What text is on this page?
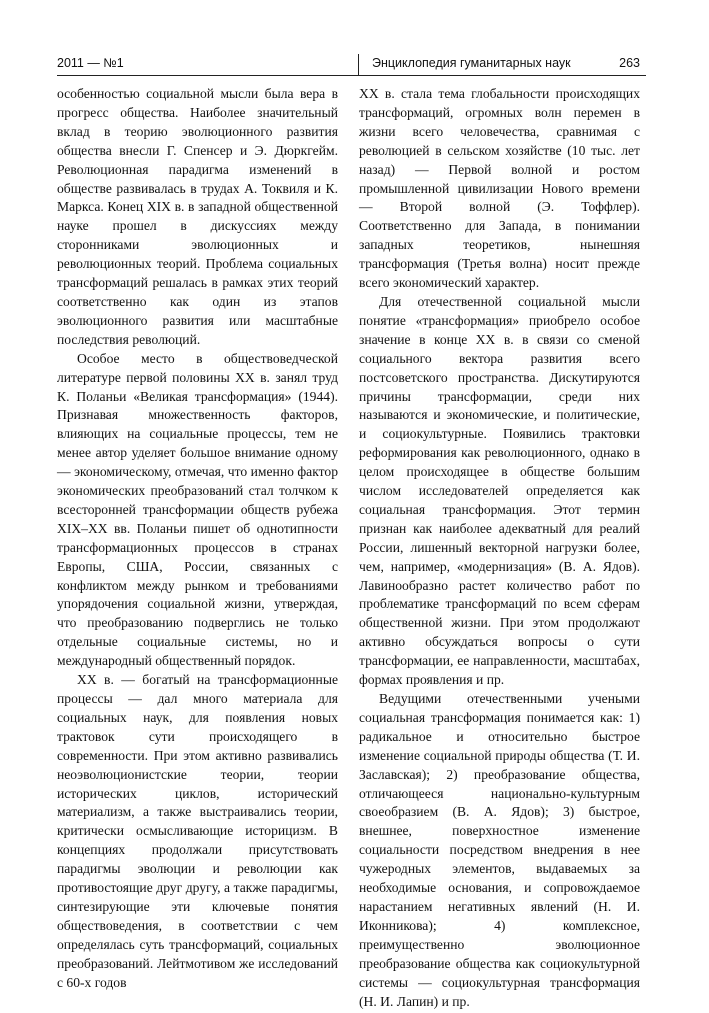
2011 — №1	Энциклопедия гуманитарных наук	263

особенностью социальной мысли была вера в прогресс общества. Наиболее значительный вклад в теорию эволюционного развития общества внесли Г. Спенсер и Э. Дюркгейм. Революционная парадигма изменений в обществе развивалась в трудах А. Токвиля и К. Маркса. Конец XIX в. в западной общественной науке прошел в дискуссиях между сторонниками эволюционных и революционных теорий. Проблема социальных трансформаций решалась в рамках этих теорий соответственно как один из этапов эволюционного развития или масштабные последствия революций.

Особое место в обществоведческой литературе первой половины XX в. занял труд К. Поланьи «Великая трансформация» (1944). Признавая множественность факторов, влияющих на социальные процессы, тем не менее автор уделяет большое внимание одному — экономическому, отмечая, что именно фактор экономических преобразований стал толчком к всесторонней трансформации обществ рубежа XIX–XX вв. Поланьи пишет об однотипности трансформационных процессов в странах Европы, США, России, связанных с конфликтом между рынком и требованиями упорядочения социальной жизни, утверждая, что преобразованию подверглись не только отдельные социальные системы, но и международный общественный порядок.

XX в. — богатый на трансформационные процессы — дал много материала для социальных наук, для появления новых трактовок сути происходящего в современности. При этом активно развивались неоэволюционистские теории, теории исторических циклов, исторический материализм, а также выстраивались теории, критически осмысливающие историцизм. В концепциях продолжали присутствовать парадигмы эволюции и революции как противостоящие друг другу, а также парадигмы, синтезирующие эти ключевые понятия обществоведения, в соответствии с чем определялась суть трансформаций, социальных преобразований. Лейтмотивом же исследований с 60-х годов

XX в. стала тема глобальности происходящих трансформаций, огромных волн перемен в жизни всего человечества, сравнимая с революцией в сельском хозяйстве (10 тыс. лет назад) — Первой волной и ростом промышленной цивилизации Нового времени — Второй волной (Э. Тоффлер). Соответственно для Запада, в понимании западных теоретиков, нынешняя трансформация (Третья волна) носит прежде всего экономический характер.

Для отечественной социальной мысли понятие «трансформация» приобрело особое значение в конце XX в. в связи со сменой социального вектора развития всего постсоветского пространства. Дискутируются причины трансформации, среди них называются и экономические, и политические, и социокультурные. Появились трактовки реформирования как революционного, однако в целом происходящее в обществе большим числом исследователей определяется как социальная трансформация. Этот термин признан как наиболее адекватный для реалий России, лишенный векторной нагрузки более, чем, например, «модернизация» (В. А. Ядов). Лавинообразно растет количество работ по проблематике трансформаций по всем сферам общественной жизни. При этом продолжают активно обсуждаться вопросы о сути трансформации, ее направленности, масштабах, формах проявления и пр.

Ведущими отечественными учеными социальная трансформация понимается как: 1) радикальное и относительно быстрое изменение социальной природы общества (Т. И. Заславская); 2) преобразование общества, отличающееся национально-культурным своеобразием (В. А. Ядов); 3) быстрое, внешнее, поверхностное изменение социальности посредством внедрения в нее чужеродных элементов, выдаваемых за необходимые основания, и сопровождаемое нарастанием негативных явлений (Н. И. Иконникова); 4) комплексное, преимущественно эволюционное преобразование общества как социокультурной системы — социокультурная трансформация (Н. И. Лапин) и пр.
